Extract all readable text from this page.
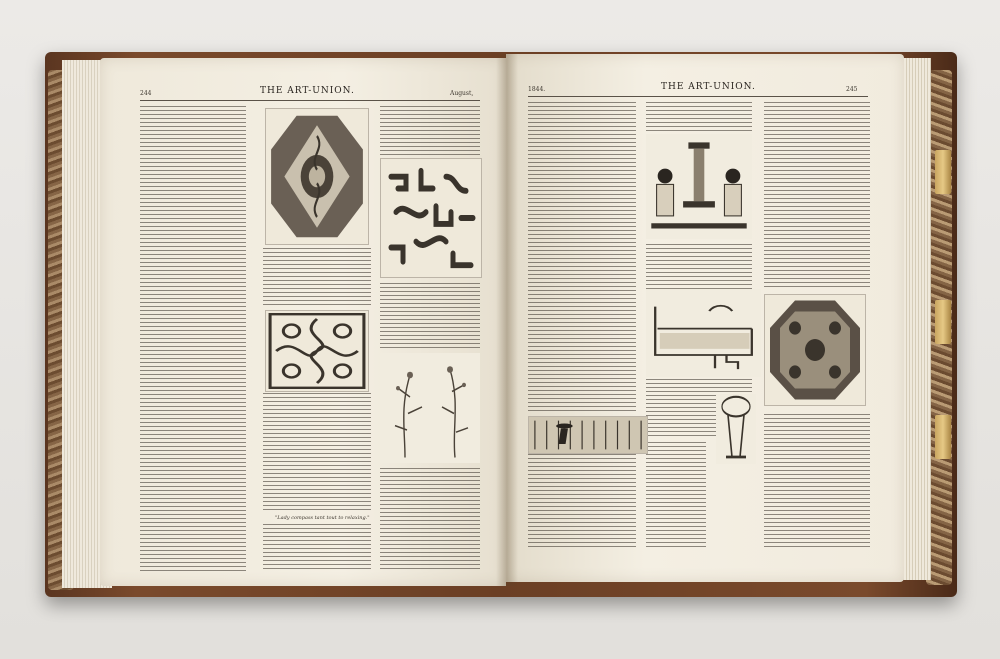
244	THE ART-UNION.	August,
"Lady compass tant tout to relaxing."
1844.	THE ART-UNION.	245
